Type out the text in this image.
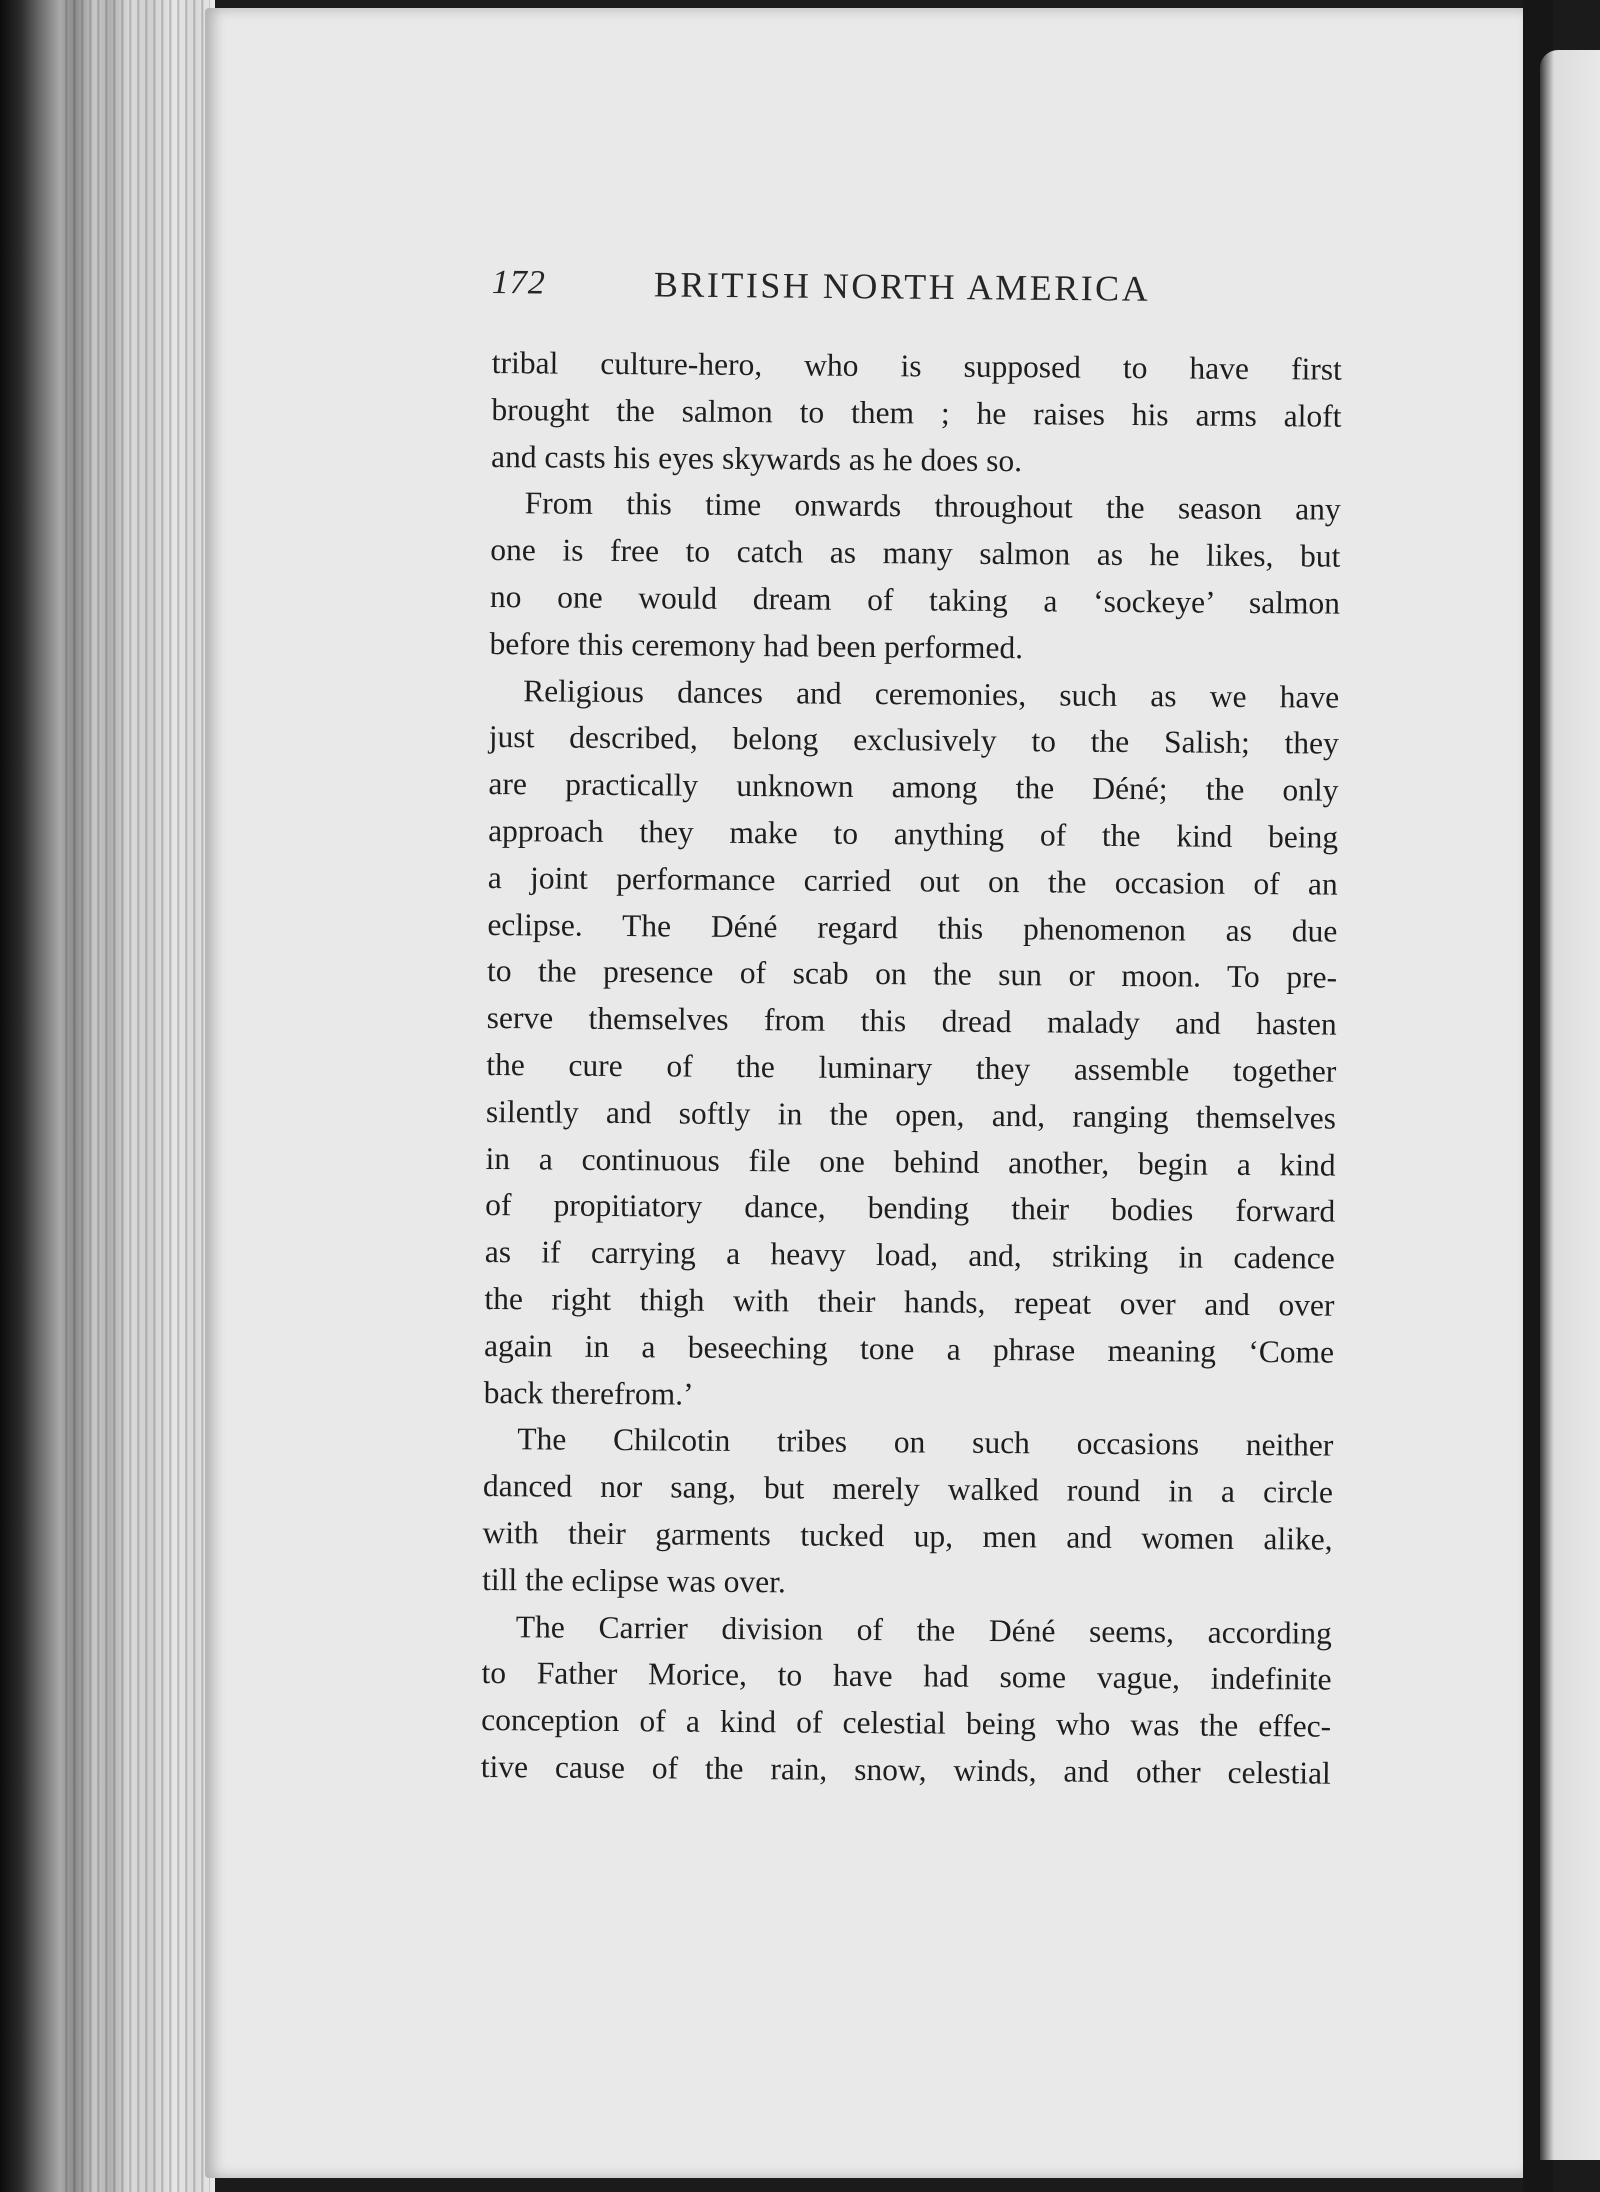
172	BRITISH NORTH AMERICA
tribal culture-hero, who is supposed to have first
brought the salmon to them ; he raises his arms aloft
and casts his eyes skywards as he does so.
From this time onwards throughout the season any
one is free to catch as many salmon as he likes, but
no one would dream of taking a ‘sockeye’ salmon
before this ceremony had been performed.
Religious dances and ceremonies, such as we have
just described, belong exclusively to the Salish; they
are practically unknown among the Déné; the only
approach they make to anything of the kind being
a joint performance carried out on the occasion of an
eclipse. The Déné regard this phenomenon as due
to the presence of scab on the sun or moon. To pre-
serve themselves from this dread malady and hasten
the cure of the luminary they assemble together
silently and softly in the open, and, ranging themselves
in a continuous file one behind another, begin a kind
of propitiatory dance, bending their bodies forward
as if carrying a heavy load, and, striking in cadence
the right thigh with their hands, repeat over and over
again in a beseeching tone a phrase meaning ‘Come
back therefrom.’
The Chilcotin tribes on such occasions neither
danced nor sang, but merely walked round in a circle
with their garments tucked up, men and women alike,
till the eclipse was over.
The Carrier division of the Déné seems, according
to Father Morice, to have had some vague, indefinite
conception of a kind of celestial being who was the effec-
tive cause of the rain, snow, winds, and other celestial
